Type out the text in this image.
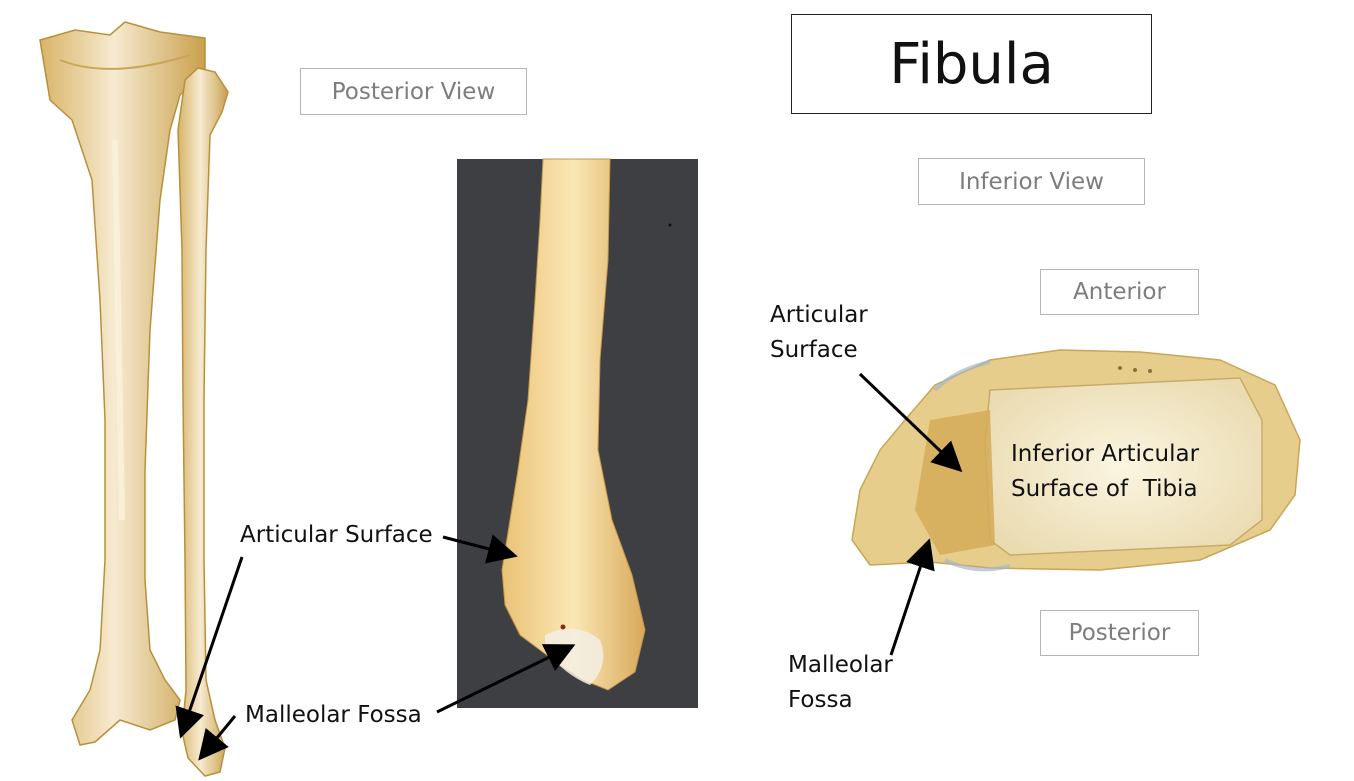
Fibula
Posterior View
Inferior View
Anterior
Posterior
Articular Surface
Malleolar Fossa
Articular
Surface
Malleolar
Fossa
Inferior Articular
Surface of  Tibia
